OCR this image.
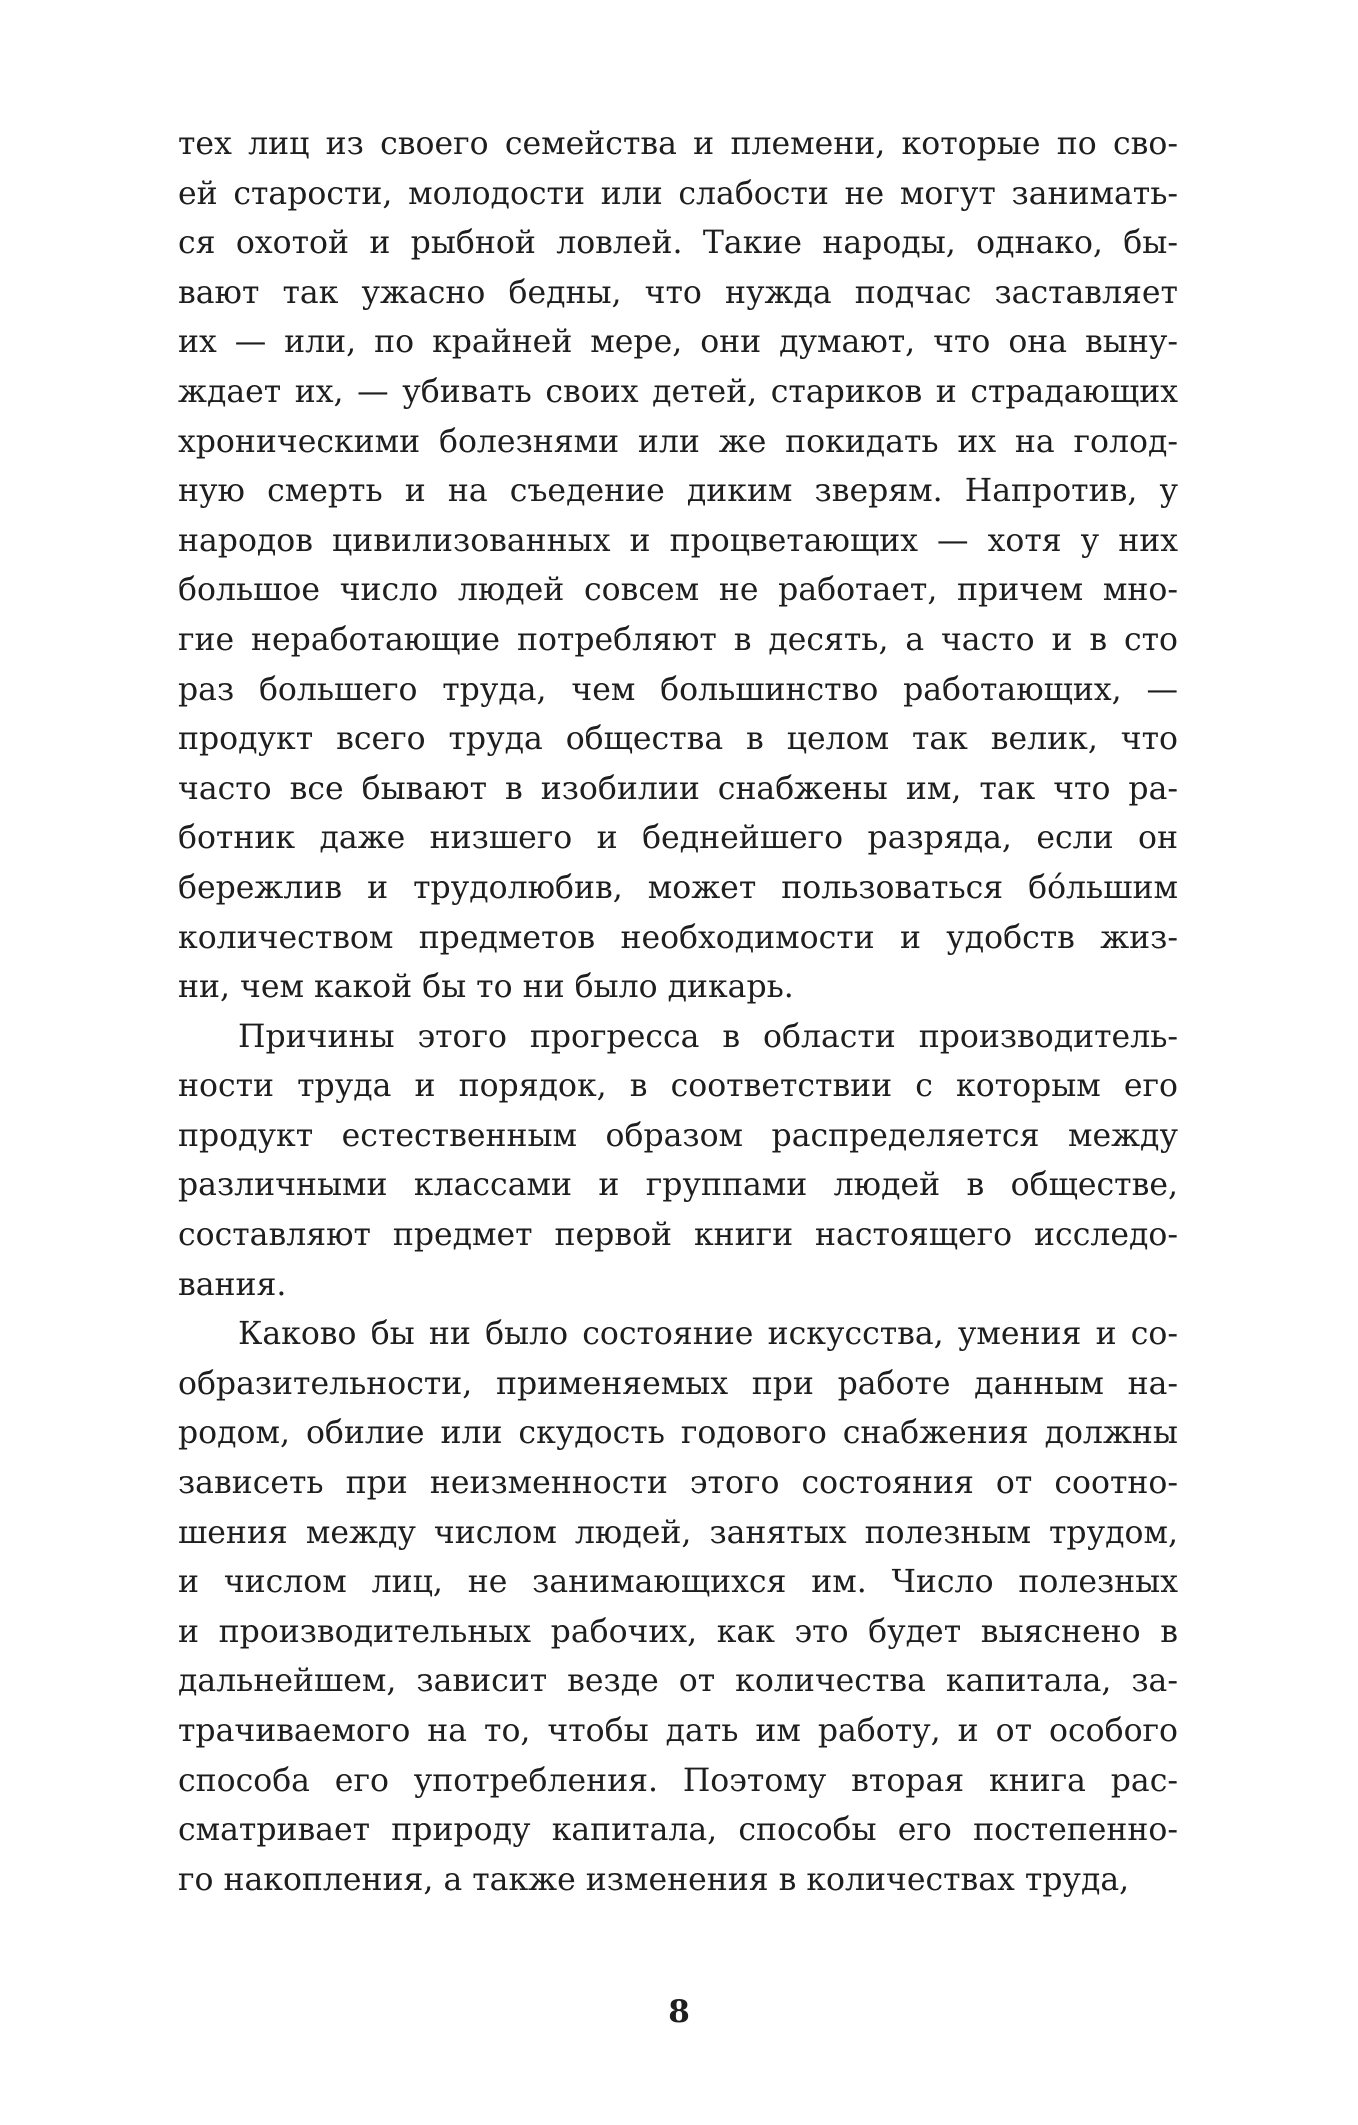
тех лиц из своего семейства и племени, которые по сво-
ей старости, молодости или слабости не могут занимать-
ся охотой и рыбной ловлей. Такие народы, однако, бы-
вают так ужасно бедны, что нужда подчас заставляет
их — или, по крайней мере, они думают, что она выну-
ждает их, — убивать своих детей, стариков и страдающих
хроническими болезнями или же покидать их на голод-
ную смерть и на съедение диким зверям. Напротив, у
народов цивилизованных и процветающих — хотя у них
большое число людей совсем не работает, причем мно-
гие неработающие потребляют в десять, а часто и в сто
раз большего труда, чем большинство работающих, —
продукт всего труда общества в целом так велик, что
часто все бывают в изобилии снабжены им, так что ра-
ботник даже низшего и беднейшего разряда, если он
бережлив и трудолюбив, может пользоваться бóльшим
количеством предметов необходимости и удобств жиз-
ни, чем какой бы то ни было дикарь.
Причины этого прогресса в области производитель-
ности труда и порядок, в соответствии с которым его
продукт естественным образом распределяется между
различными классами и группами людей в обществе,
составляют предмет первой книги настоящего исследо-
вания.
Каково бы ни было состояние искусства, умения и со-
образительности, применяемых при работе данным на-
родом, обилие или скудость годового снабжения должны
зависеть при неизменности этого состояния от соотно-
шения между числом людей, занятых полезным трудом,
и числом лиц, не занимающихся им. Число полезных
и производительных рабочих, как это будет выяснено в
дальнейшем, зависит везде от количества капитала, за-
трачиваемого на то, чтобы дать им работу, и от особого
способа его употребления. Поэтому вторая книга рас-
сматривает природу капитала, способы его постепенно-
го накопления, а также изменения в количествах труда,
8
